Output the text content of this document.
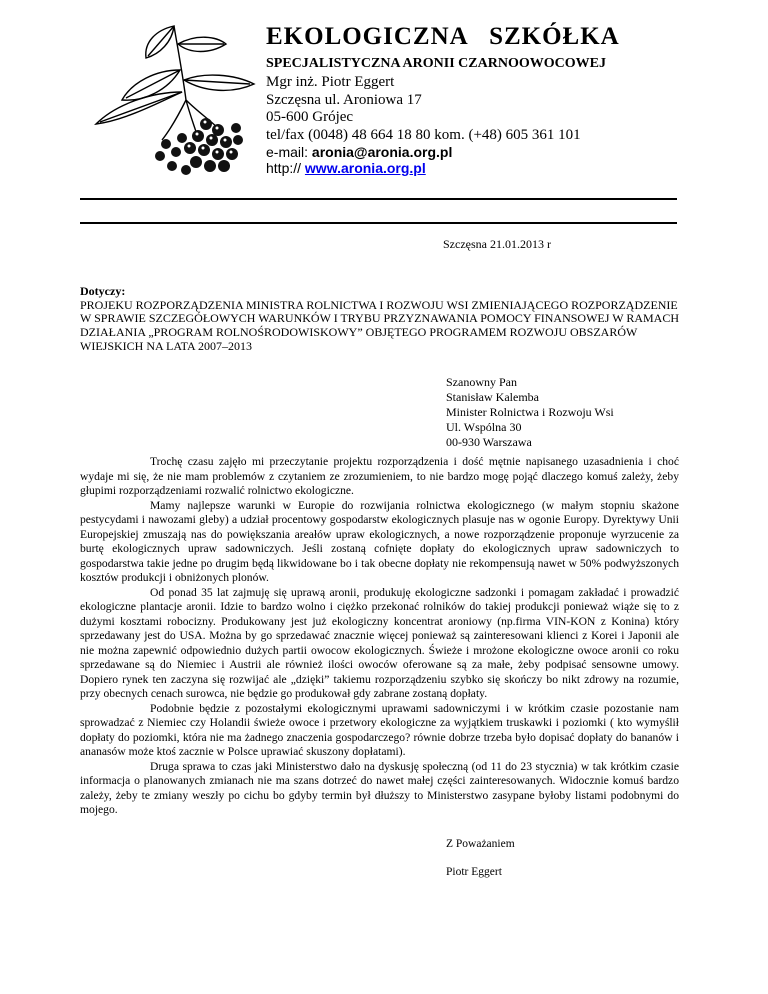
EKOLOGICZNA   SZKÓŁKA
SPECJALISTYCZNA ARONII CZARNOOWOCOWEJ
Mgr inż. Piotr Eggert
Szczęsna ul. Aroniowa 17
05-600 Grójec
tel/fax (0048) 48 664 18 80 kom. (+48) 605 361 101
e-mail: aronia@aronia.org.pl
http:// www.aronia.org.pl
Szczęsna 21.01.2013 r
Dotyczy:
PROJEKU ROZPORZĄDZENIA MINISTRA ROLNICTWA I ROZWOJU WSI ZMIENIAJĄCEGO ROZPORZĄDZENIE W SPRAWIE SZCZEGÓŁOWYCH WARUNKÓW I TRYBU PRZYZNAWANIA POMOCY FINANSOWEJ W RAMACH DZIAŁANIA „PROGRAM ROLNOŚRODOWISKOWY” OBJĘTEGO PROGRAMEM ROZWOJU OBSZARÓW WIEJSKICH NA LATA 2007–2013
Szanowny Pan
Stanisław Kalemba
Minister Rolnictwa i Rozwoju Wsi
Ul. Wspólna 30
00-930 Warszawa

Trochę czasu zajęło mi przeczytanie projektu rozporządzenia i dość mętnie napisanego uzasadnienia i choć wydaje mi się, że nie mam problemów z czytaniem ze zrozumieniem, to nie bardzo mogę pojąć dlaczego komuś zależy, żeby głupimi rozporządzeniami rozwalić rolnictwo ekologiczne.

Mamy najlepsze warunki w Europie do rozwijania rolnictwa ekologicznego (w małym stopniu skażone pestycydami i nawozami gleby) a udział procentowy gospodarstw ekologicznych plasuje nas w ogonie Europy. Dyrektywy Unii Europejskiej zmuszają nas do powiększania areałów upraw ekologicznych, a nowe rozporządzenie proponuje wyrzucenie za burtę ekologicznych upraw sadowniczych. Jeśli zostaną cofnięte dopłaty do ekologicznych upraw sadowniczych to gospodarstwa takie jedne po drugim będą likwidowane bo i tak obecne dopłaty nie rekompensują nawet w 50% podwyższonych kosztów produkcji i obniżonych plonów.

Od ponad 35 lat zajmuję się uprawą aronii, produkuję ekologiczne sadzonki i pomagam zakładać i prowadzić ekologiczne plantacje aronii. Idzie to bardzo wolno i ciężko przekonać rolników do takiej produkcji ponieważ wiąże się to z dużymi kosztami robocizny. Produkowany jest już ekologiczny koncentrat aroniowy (np.firma VIN-KON z Konina) który sprzedawany jest do USA. Można by go sprzedawać znacznie więcej ponieważ są zainteresowani klienci z Korei i Japonii ale nie można zapewnić odpowiednio dużych partii owocow ekologicznych. Świeże i mrożone ekologiczne owoce aronii co roku sprzedawane są do Niemiec i Austrii ale również ilości owoców oferowane są za małe, żeby podpisać sensowne umowy. Dopiero rynek ten zaczyna się rozwijać ale „dzięki” takiemu rozporządzeniu szybko się skończy bo nikt zdrowy na rozumie, przy obecnych cenach surowca, nie będzie go produkował gdy zabrane zostaną dopłaty.

Podobnie będzie z pozostałymi ekologicznymi uprawami sadowniczymi i w krótkim czasie pozostanie nam sprowadzać z Niemiec czy Holandii świeże owoce i przetwory ekologiczne za wyjątkiem truskawki i poziomki ( kto wymyślił dopłaty do poziomki, która nie ma żadnego znaczenia gospodarczego? równie dobrze trzeba było dopisać dopłaty do bananów i ananasów może ktoś zacznie w Polsce uprawiać skuszony dopłatami).

Druga sprawa to czas jaki Ministerstwo dało na dyskusję społeczną (od 11 do 23 stycznia) w tak krótkim czasie informacja o planowanych zmianach nie ma szans dotrzeć do nawet małej części zainteresowanych. Widocznie komuś bardzo zależy, żeby te zmiany weszły po cichu bo gdyby termin był dłuższy to Ministerstwo zasypane byłoby listami podobnymi do mojego.

Z Poważaniem
Piotr Eggert
